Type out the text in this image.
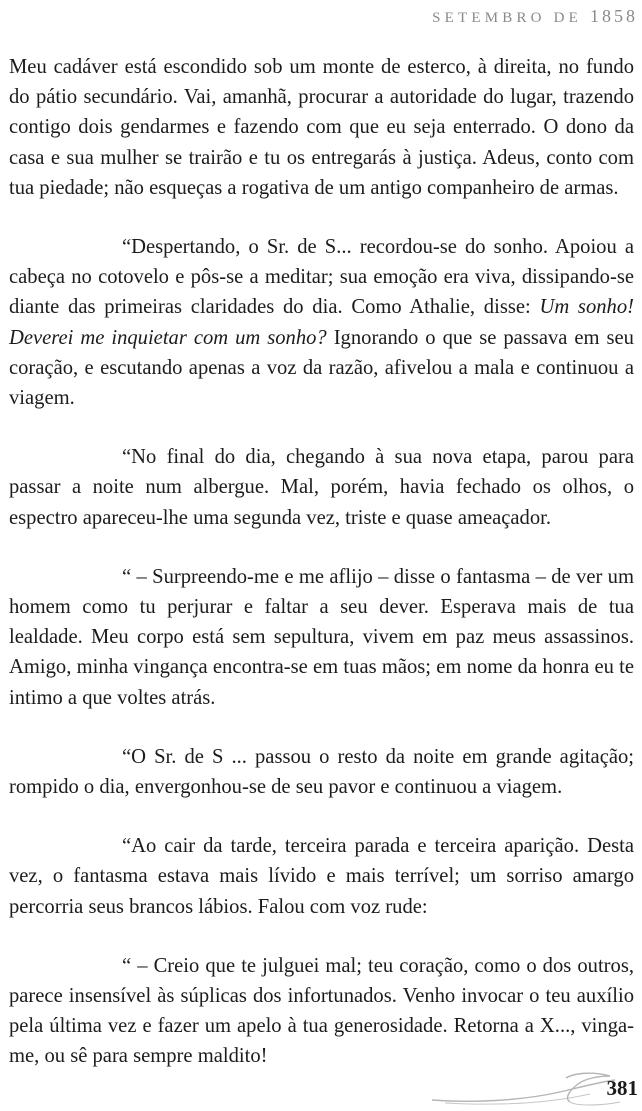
SETEMBRO DE 1858

Meu cadáver está escondido sob um monte de esterco, à direita, no fundo do pátio secundário. Vai, amanhã, procurar a autoridade do lugar, trazendo contigo dois gendarmes e fazendo com que eu seja enterrado. O dono da casa e sua mulher se trairão e tu os entregarás à justiça. Adeus, conto com tua piedade; não esqueças a rogativa de um antigo companheiro de armas.

“Despertando, o Sr. de S... recordou-se do sonho. Apoiou a cabeça no cotovelo e pôs-se a meditar; sua emoção era viva, dissipando-se diante das primeiras claridades do dia. Como Athalie, disse: Um sonho! Deverei me inquietar com um sonho? Ignorando o que se passava em seu coração, e escutando apenas a voz da razão, afivelou a mala e continuou a viagem.

“No final do dia, chegando à sua nova etapa, parou para passar a noite num albergue. Mal, porém, havia fechado os olhos, o espectro apareceu-lhe uma segunda vez, triste e quase ameaçador.

“ – Surpreendo-me e me aflijo – disse o fantasma – de ver um homem como tu perjurar e faltar a seu dever. Esperava mais de tua lealdade. Meu corpo está sem sepultura, vivem em paz meus assassinos. Amigo, minha vingança encontra-se em tuas mãos; em nome da honra eu te intimo a que voltes atrás.

“O Sr. de S ... passou o resto da noite em grande agitação; rompido o dia, envergonhou-se de seu pavor e continuou a viagem.

“Ao cair da tarde, terceira parada e terceira aparição. Desta vez, o fantasma estava mais lívido e mais terrível; um sorriso amargo percorria seus brancos lábios. Falou com voz rude:

“ – Creio que te julguei mal; teu coração, como o dos outros, parece insensível às súplicas dos infortunados. Venho invocar o teu auxílio pela última vez e fazer um apelo à tua generosidade. Retorna a X..., vinga-me, ou sê para sempre maldito!

381
